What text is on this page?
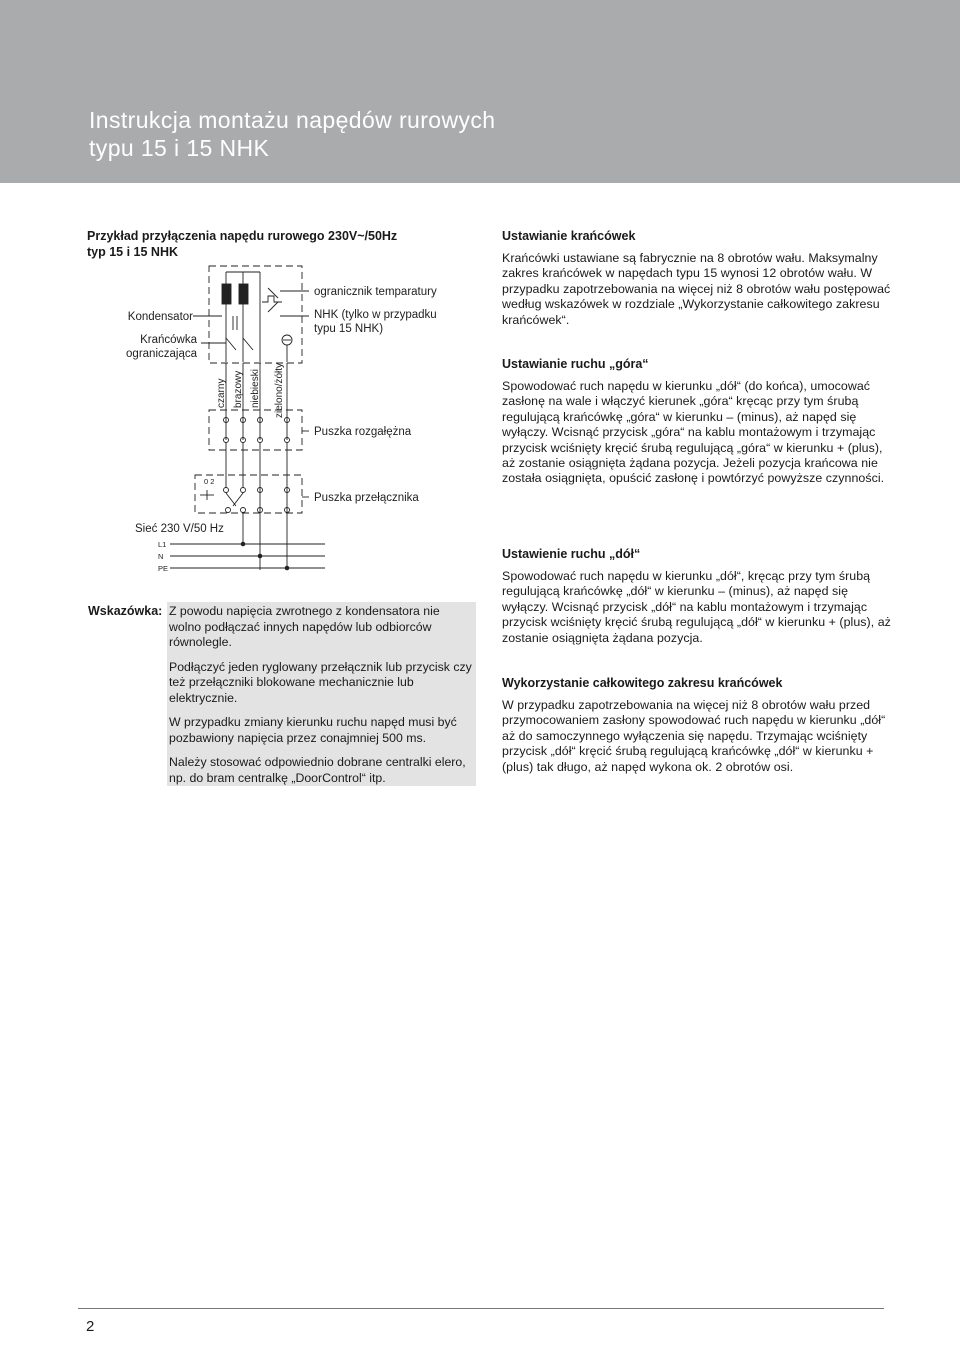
Instrukcja montażu napędów rurowych
typu 15 i 15 NHK
Przykład przyłączenia napędu rurowego 230V~/50Hz
typ 15 i 15 NHK
Kondensator
Krańcówka
ograniczająca
ogranicznik temparatury
NHK (tylko w przypadku
typu 15 NHK)
Puszka rozgałężna
Puszka przełącznika
Sieć 230 V/50 Hz
L1
N
PE
0 2
czarny brązowy niebieski zielono/żółty
Wskazówka: Z powodu napięcia zwrotnego z kondensatora nie wolno podłączać innych napędów lub odbiorców równolegle.

Podłączyć jeden ryglowany przełącznik lub przycisk czy też przełączniki blokowane mechanicznie lub elektrycznie.

W przypadku zmiany kierunku ruchu napęd musi być pozbawiony napięcia przez conajmniej 500 ms.

Należy stosować odpowiednio dobrane centralki elero, np. do bram centralkę „DoorControl“ itp.

Ustawianie krańcówek

Krańcówki ustawiane są fabrycznie na 8 obrotów wału. Maksymalny zakres krańcówek w napędach typu 15 wynosi 12 obrotów wału. W przypadku zapotrzebowania na więcej niż 8 obrotów wału postępować według wskazówek w rozdziale „Wykorzystanie całkowitego zakresu krańcówek“.

Ustawianie ruchu „góra“

Spowodować ruch napędu w kierunku „dół“ (do końca), umocować zasłonę na wale i włączyć kierunek „góra“ kręcąc przy tym śrubą regulującą krańcówkę „góra“ w kierunku – (minus), aż napęd się wyłączy. Wcisnąć przycisk „góra“ na kablu montażowym i trzymając przycisk wciśnięty kręcić śrubą regulującą „góra“ w kierunku + (plus), aż zostanie osiągnięta żądana pozycja. Jeżeli pozycja krańcowa nie została osiągnięta, opuścić zasłonę i powtórzyć powyższe czynności.

Ustawienie ruchu „dół“

Spowodować ruch napędu w kierunku „dół“, kręcąc przy tym śrubą regulującą krańcówkę „dół“ w kierunku – (minus), aż napęd się wyłączy. Wcisnąć przycisk „dół“ na kablu montażowym i trzymając przycisk wciśnięty kręcić śrubą regulującą „dół“ w kierunku + (plus), aż zostanie osiągnięta żądana pozycja.

Wykorzystanie całkowitego zakresu krańcówek

W przypadku zapotrzebowania na więcej niż 8 obrotów wału przed przymocowaniem zasłony spowodować ruch napędu w kierunku „dół“ aż do samoczynnego wyłączenia się napędu. Trzymając wciśnięty przycisk „dół“ kręcić śrubą regulującą krańcówkę „dół“ w kierunku + (plus) tak długo, aż napęd wykona ok. 2 obrotów osi.

2
